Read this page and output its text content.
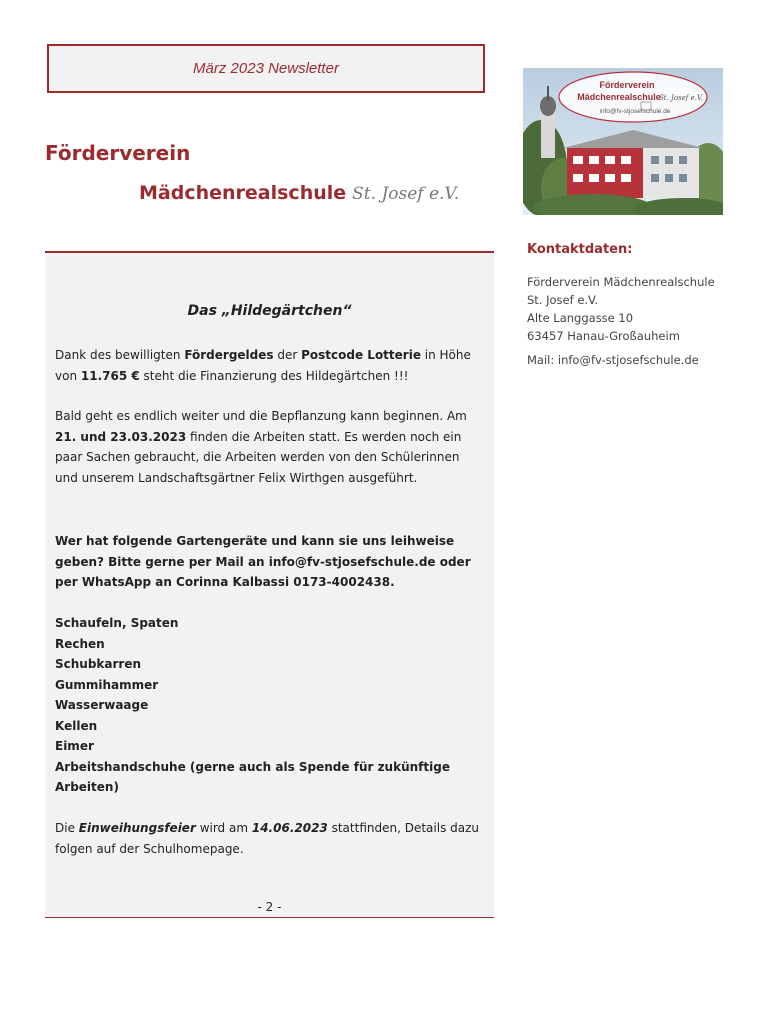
März 2023 Newsletter
Förderverein
Mädchenrealschule St. Josef e.V.
Förderverein
Mädchenrealschule
St. Josef e.V.
info@fv-stjosefschule.de
Das „Hildegärtchen“

Dank des bewilligten Fördergeldes der Postcode Lotterie in Höhe von 11.765 € steht die Finanzierung des Hildegärtchen !!!

Bald geht es endlich weiter und die Bepflanzung kann beginnen. Am 21. und 23.03.2023 finden die Arbeiten statt. Es werden noch ein paar Sachen gebraucht, die Arbeiten werden von den Schülerinnen und unserem Landschaftsgärtner Felix Wirthgen ausgeführt.

Wer hat folgende Gartengeräte und kann sie uns leihweise geben? Bitte gerne per Mail an info@fv-stjosefschule.de oder per WhatsApp an Corinna Kalbassi 0173-4002438.

Schaufeln, Spaten
Rechen
Schubkarren
Gummihammer
Wasserwaage
Kellen
Eimer
Arbeitshandschuhe (gerne auch als Spende für zukünftige Arbeiten)

Die Einweihungsfeier wird am 14.06.2023 stattfinden, Details dazu folgen auf der Schulhomepage.

- 2 -
Kontaktdaten:
Förderverein Mädchenrealschule
St. Josef e.V.
Alte Langgasse 10
63457 Hanau-Großauheim

Mail: info@fv-stjosefschule.de
